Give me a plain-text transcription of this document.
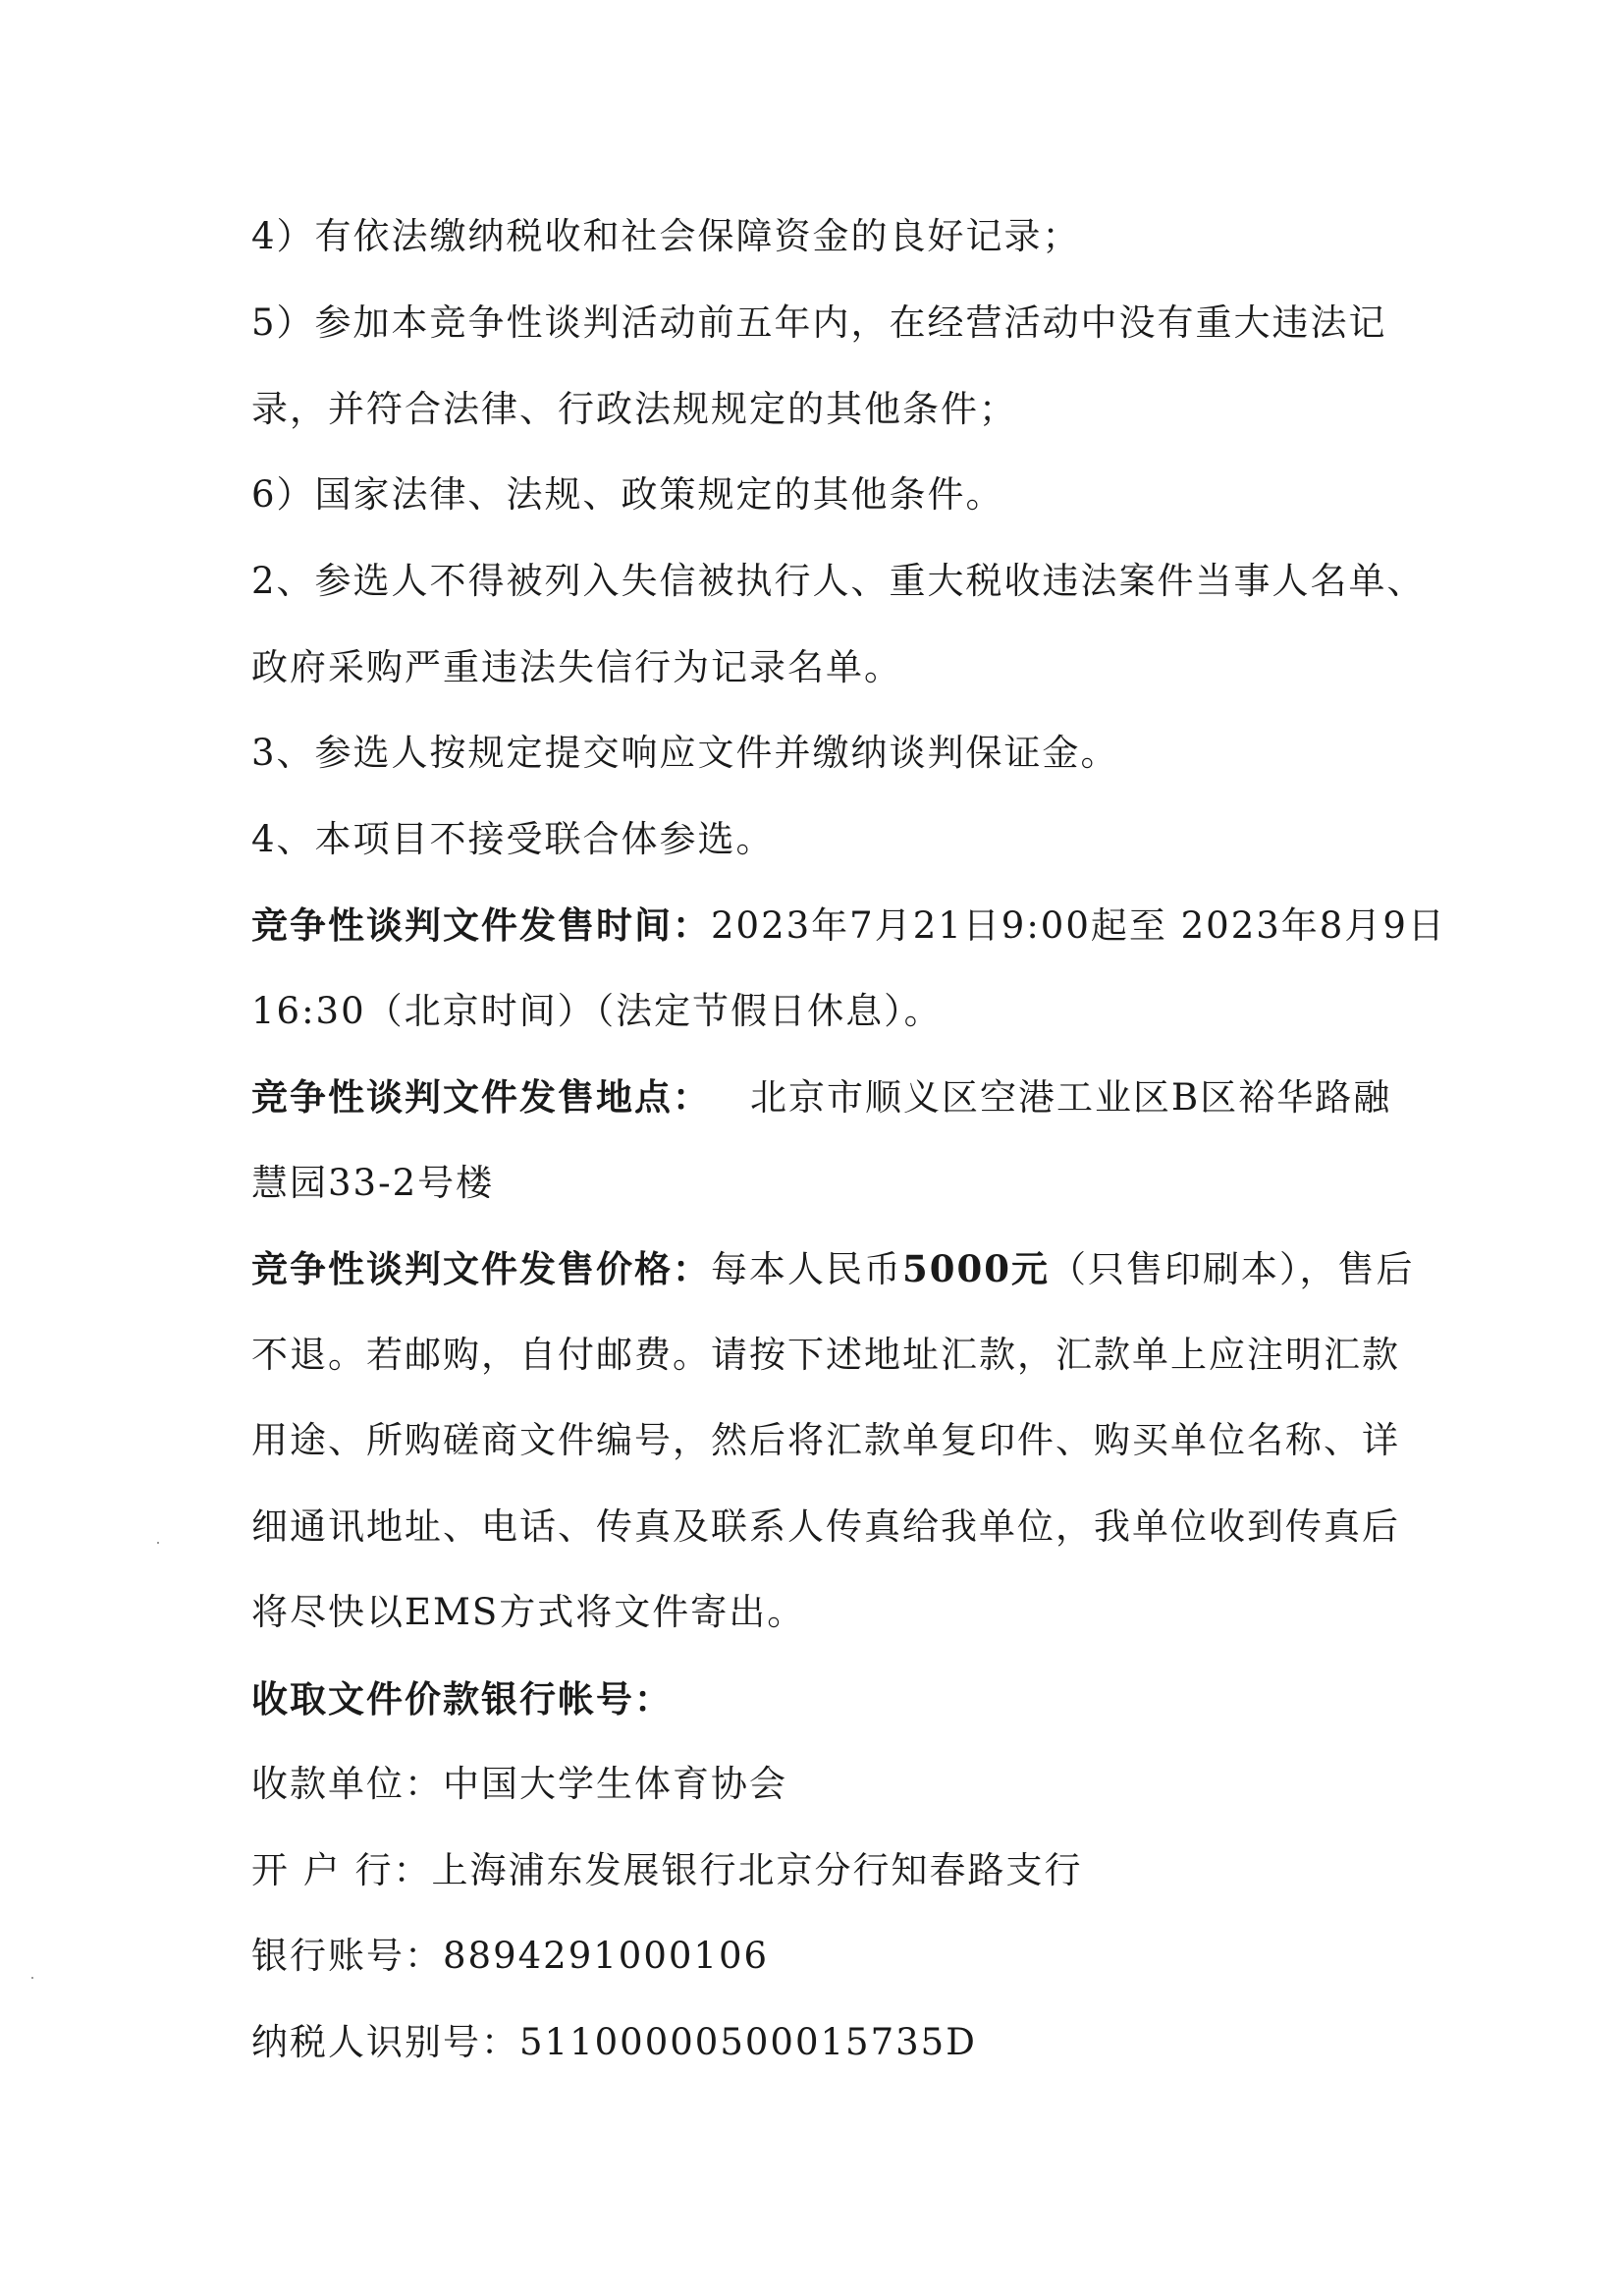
4）有依法缴纳税收和社会保障资金的良好记录；
5）参加本竞争性谈判活动前五年内，在经营活动中没有重大违法记
录，并符合法律、行政法规规定的其他条件；
6）国家法律、法规、政策规定的其他条件。
2、参选人不得被列入失信被执行人、重大税收违法案件当事人名单、
政府采购严重违法失信行为记录名单。
3、参选人按规定提交响应文件并缴纳谈判保证金。
4、本项目不接受联合体参选。
竞争性谈判文件发售时间：2023年7月21日9:00起至 2023年8月9日
16:30（北京时间）（法定节假日休息）。
竞争性谈判文件发售地点： 北京市顺义区空港工业区B区裕华路融
慧园33-2号楼
竞争性谈判文件发售价格：每本人民币5000元（只售印刷本），售后
不退。若邮购，自付邮费。请按下述地址汇款，汇款单上应注明汇款
用途、所购磋商文件编号，然后将汇款单复印件、购买单位名称、详
细通讯地址、电话、传真及联系人传真给我单位，我单位收到传真后
将尽快以EMS方式将文件寄出。
收取文件价款银行帐号：
收款单位：中国大学生体育协会
开 户 行：上海浦东发展银行北京分行知春路支行
银行账号：8894291000106
纳税人识别号：51100000500015735D
